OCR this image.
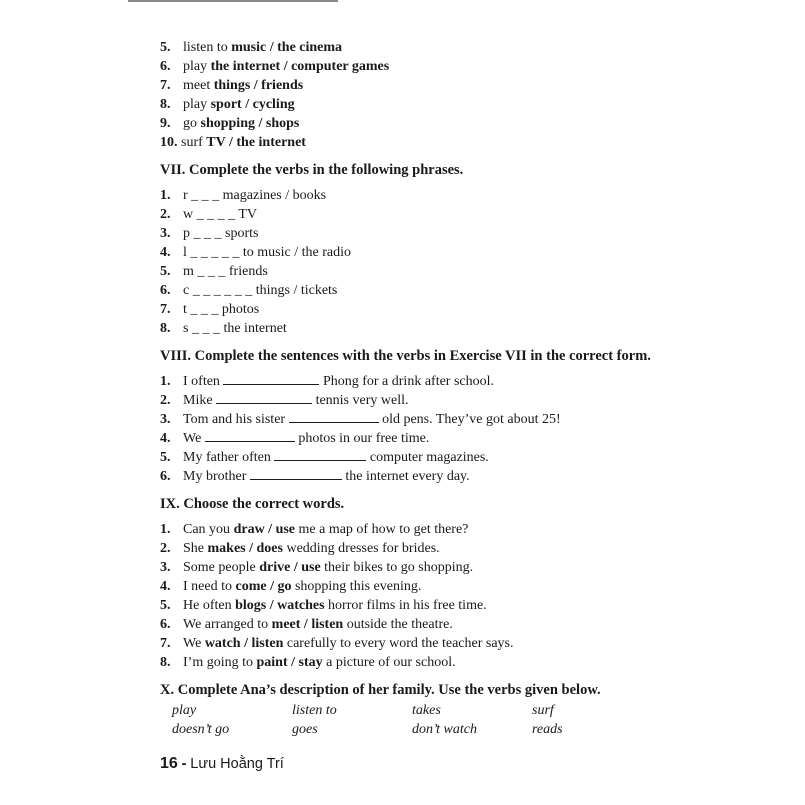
5. listen to music / the cinema
6. play the internet / computer games
7. meet things / friends
8. play sport / cycling
9. go shopping / shops
10. surf TV / the internet
VII. Complete the verbs in the following phrases.
1. r _ _ _ magazines / books
2. w _ _ _ _ TV
3. p _ _ _ sports
4. l _ _ _ _ _ to music / the radio
5. m _ _ _ friends
6. c _ _ _ _ _ _ things / tickets
7. t _ _ _ photos
8. s _ _ _ the internet
VIII. Complete the sentences with the verbs in Exercise VII in the correct form.
1. I often	Phong for a drink after school.
2. Mike	tennis very well.
3. Tom and his sister	old pens. They’ve got about 25!
4. We	photos in our free time.
5. My father often	computer magazines.
6. My brother	the internet every day.
IX. Choose the correct words.
1. Can you draw / use me a map of how to get there?
2. She makes / does wedding dresses for brides.
3. Some people drive / use their bikes to go shopping.
4. I need to come / go shopping this evening.
5. He often blogs / watches horror films in his free time.
6. We arranged to meet / listen outside the theatre.
7. We watch / listen carefully to every word the teacher says.
8. I’m going to paint / stay a picture of our school.
X. Complete Ana’s description of her family. Use the verbs given below.
play	listen to	takes	surf
doesn’t go	goes	don’t watch	reads
16 - Lưu Hoằng Trí
